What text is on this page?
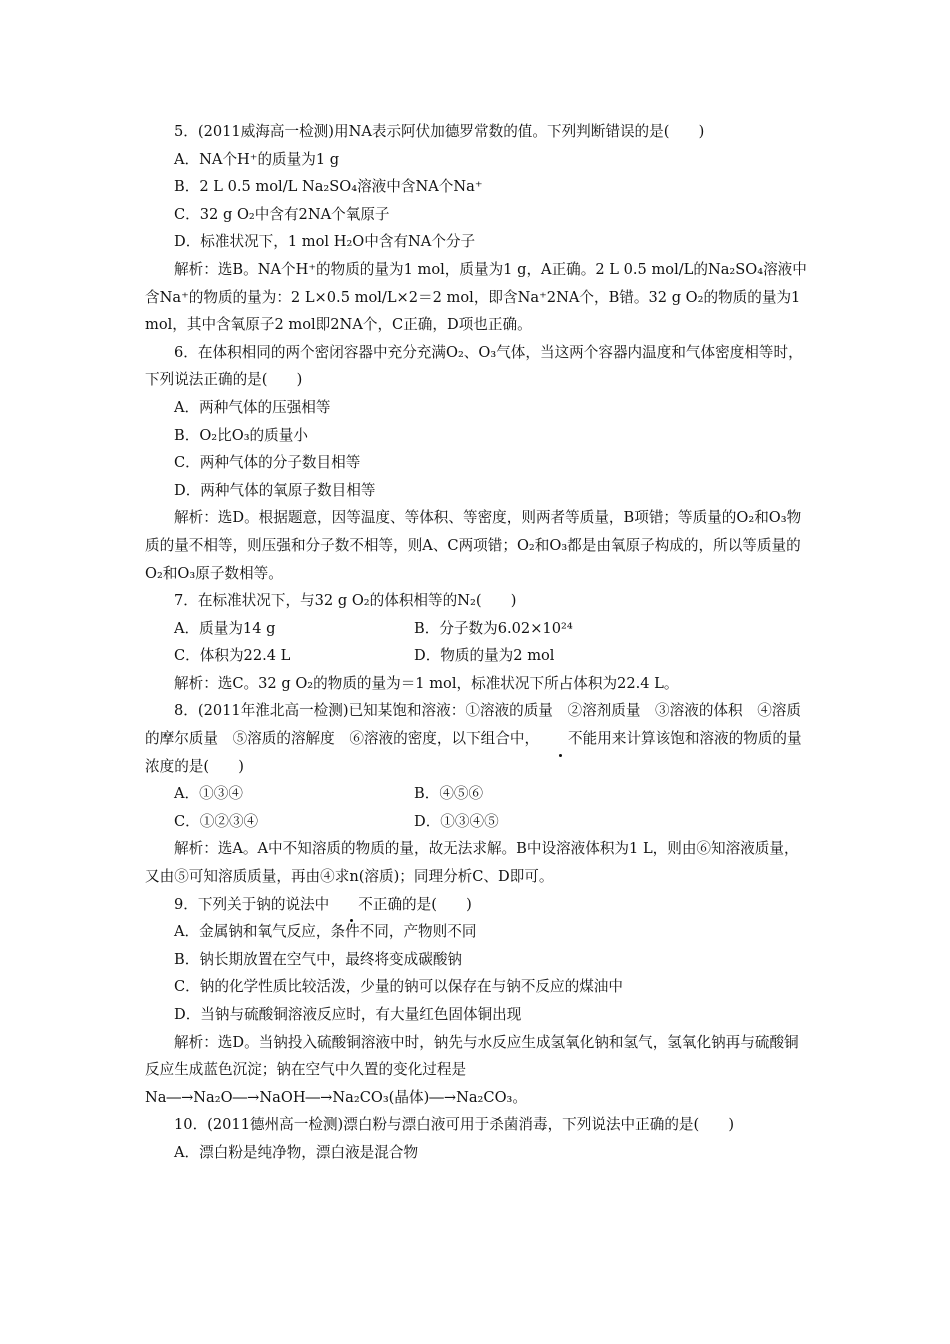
5．(2011威海高一检测)用NA表示阿伏加德罗常数的值。下列判断错误的是(　　)

A．NA个H⁺的质量为1 g

B．2 L 0.5 mol/L Na₂SO₄溶液中含NA个Na⁺

C．32 g O₂中含有2NA个氧原子

D．标准状况下，1 mol H₂O中含有NA个分子

解析：选B。NA个H⁺的物质的量为1 mol，质量为1 g，A正确。2 L 0.5 mol/L的Na₂SO₄溶液中含Na⁺的物质的量为：2 L×0.5 mol/L×2＝2 mol，即含Na⁺2NA个，B错。32 g O₂的物质的量为1 mol，其中含氧原子2 mol即2NA个，C正确，D项也正确。

6．在体积相同的两个密闭容器中充分充满O₂、O₃气体，当这两个容器内温度和气体密度相等时，下列说法正确的是(　　)

A．两种气体的压强相等

B．O₂比O₃的质量小

C．两种气体的分子数目相等

D．两种气体的氧原子数目相等

解析：选D。根据题意，因等温度、等体积、等密度，则两者等质量，B项错；等质量的O₂和O₃物质的量不相等，则压强和分子数不相等，则A、C两项错；O₂和O₃都是由氧原子构成的，所以等质量的O₂和O₃原子数相等。

7．在标准状况下，与32 g O₂的体积相等的N₂(　　)

A．质量为14 g	B．分子数为6.02×10²⁴
C．体积为22.4 L	D．物质的量为2 mol

解析：选C。32 g O₂的物质的量为＝1 mol，标准状况下所占体积为22.4 L。

8．(2011年淮北高一检测)已知某饱和溶液：①溶液的质量　②溶剂质量　③溶液的体积　④溶质的摩尔质量　⑤溶质的溶解度　⑥溶液的密度，以下组合中， 不能用来计算该饱和溶液的物质的量浓度的是(　　)

A．①③④	B．④⑤⑥
C．①②③④	D．①③④⑤

解析：选A。A中不知溶质的物质的量，故无法求解。B中设溶液体积为1 L，则由⑥知溶液质量，又由⑤可知溶质质量，再由④求n(溶质)；同理分析C、D即可。

9．下列关于钠的说法中 不正确的是(　　)

A．金属钠和氧气反应，条件不同，产物则不同

B．钠长期放置在空气中，最终将变成碳酸钠

C．钠的化学性质比较活泼，少量的钠可以保存在与钠不反应的煤油中

D．当钠与硫酸铜溶液反应时，有大量红色固体铜出现

解析：选D。当钠投入硫酸铜溶液中时，钠先与水反应生成氢氧化钠和氢气，氢氧化钠再与硫酸铜反应生成蓝色沉淀；钠在空气中久置的变化过程是

Na―→Na₂O―→NaOH―→Na₂CO₃(晶体)―→Na₂CO₃。

10．(2011德州高一检测)漂白粉与漂白液可用于杀菌消毒，下列说法中正确的是(　　)

A．漂白粉是纯净物，漂白液是混合物
